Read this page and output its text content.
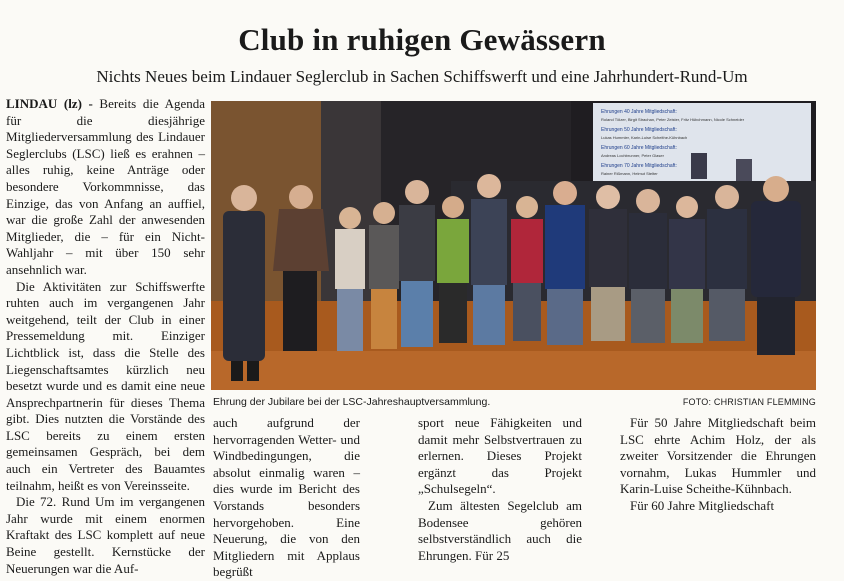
Club in ruhigen Gewässern
Nichts Neues beim Lindauer Seglerclub in Sachen Schiffswerft und eine Jahrhundert-Rund-Um

LINDAU (lz) - Bereits die Agenda für die diesjährige Mitgliederversammlung des Lindauer Seglerclubs (LSC) ließ es erahnen – alles ruhig, keine Anträge oder besondere Vorkommnisse, das Einzige, das von Anfang an auffiel, war die große Zahl der anwesenden Mitglieder, die – für ein Nicht-Wahljahr – mit über 150 sehr ansehnlich war.

Die Aktivitäten zur Schiffswerfte ruhten auch im vergangenen Jahr weitgehend, teilt der Club in einer Pressemeldung mit. Einziger Lichtblick ist, dass die Stelle des Liegenschaftsamtes kürzlich neu besetzt wurde und es damit eine neue Ansprechpartnerin für dieses Thema gibt. Dies nutzten die Vorstände des LSC bereits zu einem ersten gemeinsamen Gespräch, bei dem auch ein Vertreter des Bauamtes teilnahm, heißt es von Vereinsseite.

Die 72. Rund Um im vergangenen Jahr wurde mit einem enormen Kraftakt des LSC komplett auf neue Beine gestellt. Kernstücke der Neuerungen war die Auf-

Ehrungen 40 Jahre Mitgliedschaft:
Roland Tölzer, Birgit Strachan, Peter Zeister, Fritz Hübchmann, Nicole Schneider
Ehrungen 50 Jahre Mitgliedschaft:
Lukas Hummler, Karin-Luise Scheithe-Kühnbach
Ehrungen 60 Jahre Mitgliedschaft:
Andreas Lochbrunner, Peter Glaser
Ehrungen 70 Jahre Mitgliedschaft:
Rainer Rißmann, Helmut Stelter
Ehrung der Jubilare bei der LSC-Jahreshauptversammlung.	FOTO: CHRISTIAN FLEMMING

auch aufgrund der hervorragenden Wetter- und Windbedingungen, die absolut einmalig waren – dies wurde im Bericht des Vorstands besonders hervorgehoben. Eine Neuerung, die von den Mitgliedern mit Applaus begrüßt

sport neue Fähigkeiten und damit mehr Selbstvertrauen zu erlernen. Dieses Projekt ergänzt das Projekt „Schulsegeln“.

Zum ältesten Segelclub am Bodensee gehören selbstverständlich auch die Ehrungen. Für 25

Für 50 Jahre Mitgliedschaft beim LSC ehrte Achim Holz, der als zweiter Vorsitzender die Ehrungen vornahm, Lukas Hummler und Karin-Luise Scheithe-Kühnbach.

Für 60 Jahre Mitgliedschaft
